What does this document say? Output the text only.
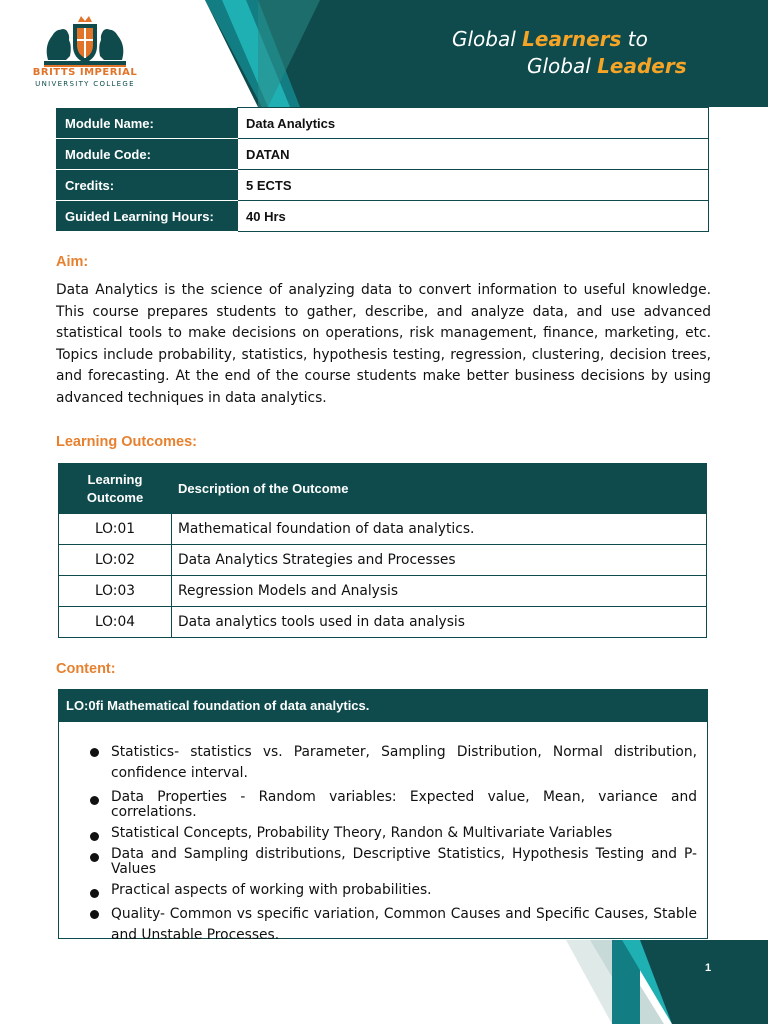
BRITTS IMPERIAL
UNIVERSITY COLLEGE
Global Learners to
Global Leaders
Module Name:	Data Analytics
Module Code:	DATAN
Credits:	5 ECTS
Guided Learning Hours:	40 Hrs
Aim:
Data Analytics is the science of analyzing data to convert information to useful knowledge. This course prepares students to gather, describe, and analyze data, and use advanced statistical tools to make decisions on operations, risk management, finance, marketing, etc. Topics include probability, statistics, hypothesis testing, regression, clustering, decision trees, and forecasting. At the end of the course students make better business decisions by using advanced techniques in data analytics.
Learning Outcomes:
Learning
Outcome	Description of the Outcome
LO:01	Mathematical foundation of data analytics.
LO:02	Data Analytics Strategies and Processes
LO:03	Regression Models and Analysis
LO:04	Data analytics tools used in data analysis
Content:
LO:0fi Mathematical foundation of data analytics.
Statistics- statistics vs. Parameter, Sampling Distribution, Normal distribution, confidence interval.
Data Properties - Random variables: Expected value, Mean, variance and correlations.
Statistical Concepts, Probability Theory, Randon & Multivariate Variables
Data and Sampling distributions, Descriptive Statistics, Hypothesis Testing and P-Values
Practical aspects of working with probabilities.
Quality- Common vs specific variation, Common Causes and Specific Causes, Stable and Unstable Processes.
1
